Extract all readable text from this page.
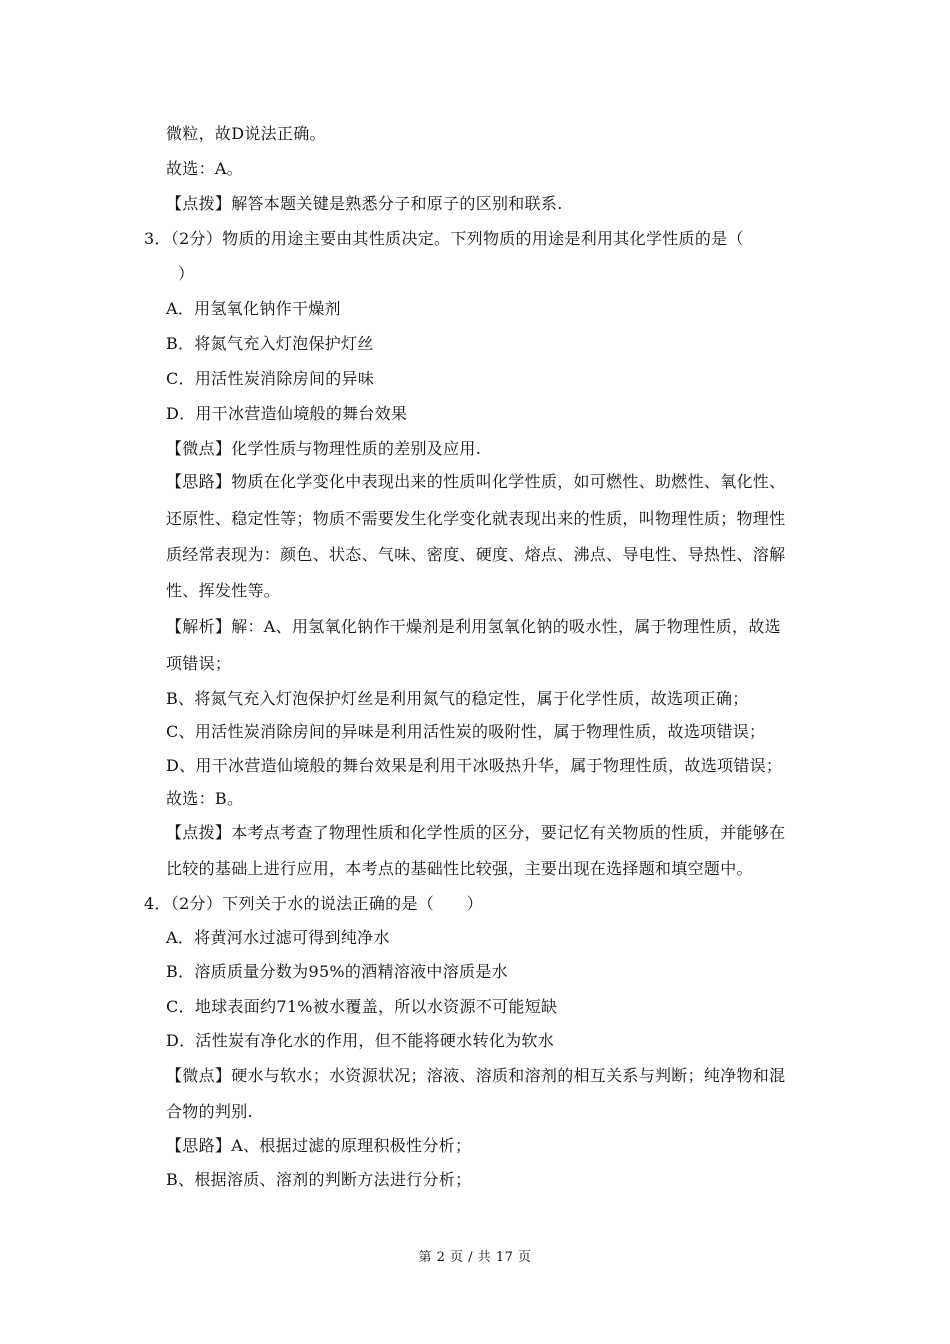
微粒，故D说法正确。
故选：A。
【点拨】解答本题关键是熟悉分子和原子的区别和联系.
3．（2分）物质的用途主要由其性质决定。下列物质的用途是利用其化学性质的是（
）
A．用氢氧化钠作干燥剂
B．将氮气充入灯泡保护灯丝
C．用活性炭消除房间的异味
D．用干冰营造仙境般的舞台效果
【微点】化学性质与物理性质的差别及应用.
【思路】物质在化学变化中表现出来的性质叫化学性质，如可燃性、助燃性、氧化性、
还原性、稳定性等；物质不需要发生化学变化就表现出来的性质，叫物理性质；物理性
质经常表现为：颜色、状态、气味、密度、硬度、熔点、沸点、导电性、导热性、溶解
性、挥发性等。
【解析】解：A、用氢氧化钠作干燥剂是利用氢氧化钠的吸水性，属于物理性质，故选
项错误；
B、将氮气充入灯泡保护灯丝是利用氮气的稳定性，属于化学性质，故选项正确；
C、用活性炭消除房间的异味是利用活性炭的吸附性，属于物理性质，故选项错误；
D、用干冰营造仙境般的舞台效果是利用干冰吸热升华，属于物理性质，故选项错误；
故选：B。
【点拨】本考点考查了物理性质和化学性质的区分，要记忆有关物质的性质，并能够在
比较的基础上进行应用，本考点的基础性比较强，主要出现在选择题和填空题中。
4．（2分）下列关于水的说法正确的是（　　）
A．将黄河水过滤可得到纯净水
B．溶质质量分数为95%的酒精溶液中溶质是水
C．地球表面约71%被水覆盖，所以水资源不可能短缺
D．活性炭有净化水的作用，但不能将硬水转化为软水
【微点】硬水与软水；水资源状况；溶液、溶质和溶剂的相互关系与判断；纯净物和混
合物的判别.
【思路】A、根据过滤的原理积极性分析；
B、根据溶质、溶剂的判断方法进行分析；
第 2 页 / 共 17 页
